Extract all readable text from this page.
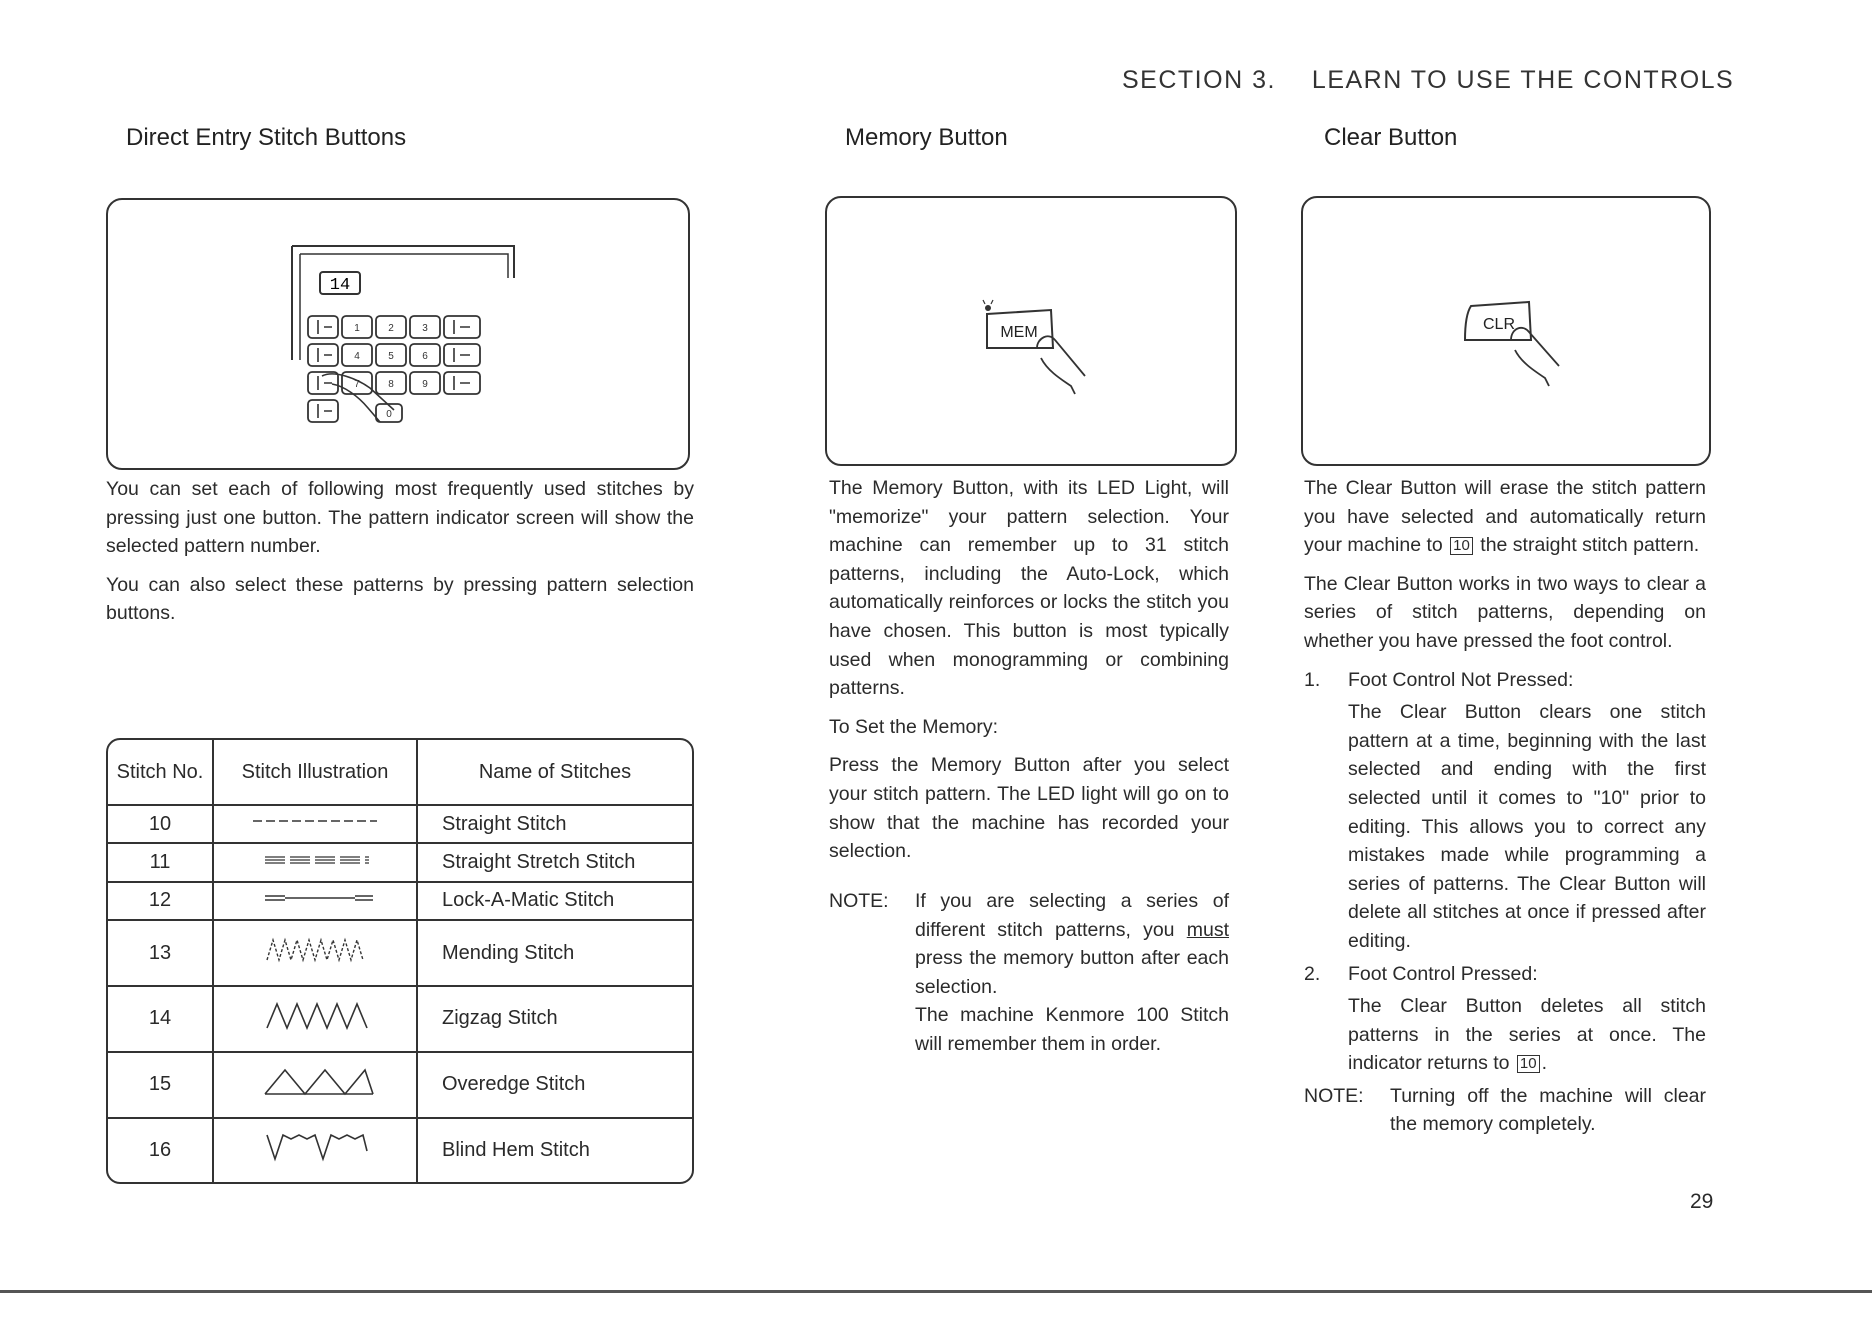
SECTION 3. LEARN TO USE THE CONTROLS
Direct Entry Stitch Buttons
14
1	2	3
4	5	6
7	8	9
0

You can set each of following most frequently used stitches by pressing just one button. The pattern indicator screen will show the selected pattern number.

You can also select these patterns by pressing pattern selection buttons.

Stitch No.	Stitch Illustration	Name of Stitches
10		Straight Stitch
11		Straight Stretch Stitch
12		Lock-A-Matic Stitch
13		Mending Stitch
14		Zigzag Stitch
15		Overedge Stitch
16		Blind Hem Stitch
Memory Button
MEM

The Memory Button, with its LED Light, will "memorize" your pattern selection. Your machine can remember up to 31 stitch patterns, including the Auto-Lock, which automatically reinforces or locks the stitch you have chosen. This button is most typically used when monogramming or combining patterns.

To Set the Memory:

Press the Memory Button after you select your stitch pattern. The LED light will go on to show that the machine has recorded your selection.

NOTE: If you are selecting a series of different stitch patterns, you must press the memory button after each selection.

The machine Kenmore 100 Stitch will remember them in order.

Clear Button
CLR

The Clear Button will erase the stitch pattern you have selected and automatically return your machine to 10 the straight stitch pattern.

The Clear Button works in two ways to clear a series of stitch patterns, depending on whether you have pressed the foot control.

1. Foot Control Not Pressed:

The Clear Button clears one stitch pattern at a time, beginning with the last selected and ending with the first selected until it comes to "10" prior to editing. This allows you to correct any mistakes made while programming a series of patterns. The Clear Button will delete all stitches at once if pressed after editing.

2. Foot Control Pressed:

The Clear Button deletes all stitch patterns in the series at once. The indicator returns to 10 .

NOTE: Turning off the machine will clear the memory completely.

29
